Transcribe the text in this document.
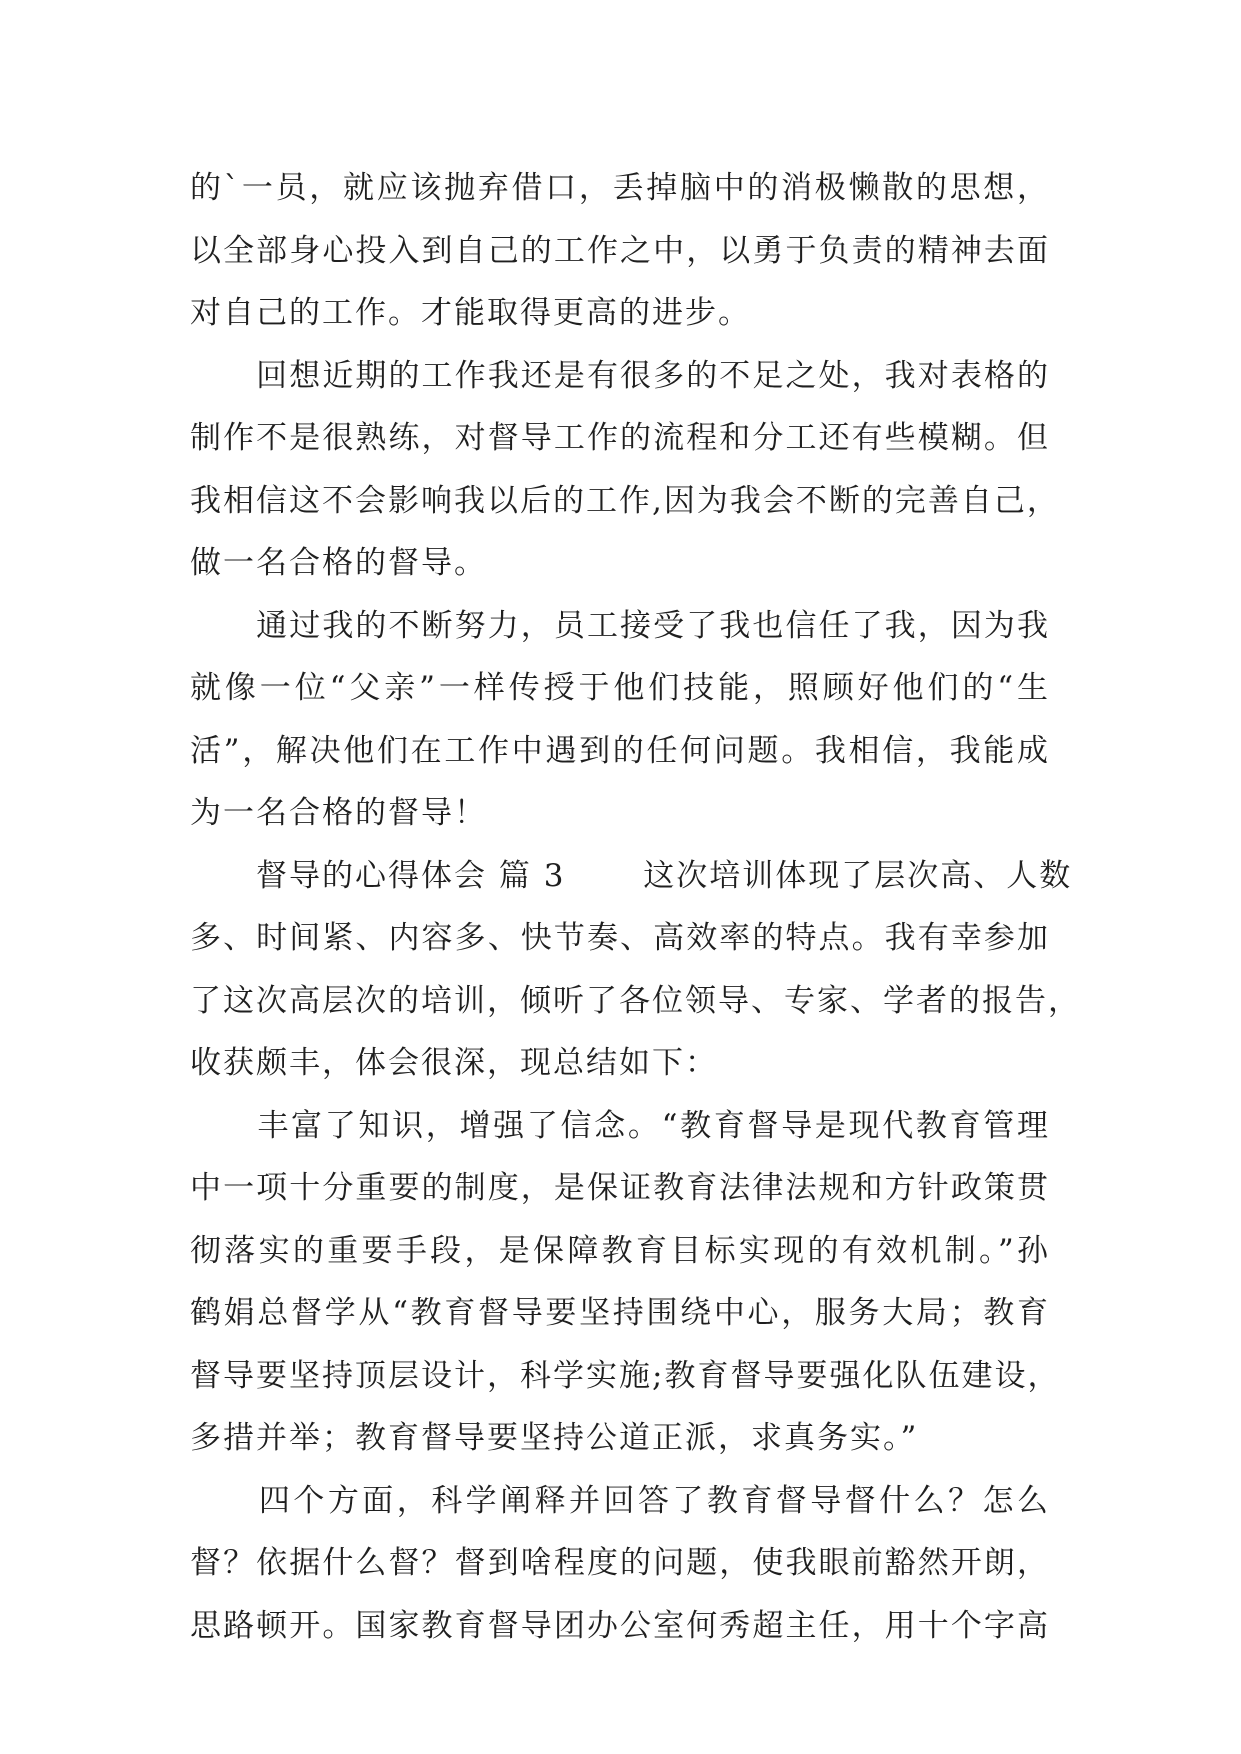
的`一员，就应该抛弃借口，丢掉脑中的消极懒散的思想，
以全部身心投入到自己的工作之中，以勇于负责的精神去面
对自己的工作。才能取得更高的进步。
　　回想近期的工作我还是有很多的不足之处，我对表格的
制作不是很熟练，对督导工作的流程和分工还有些模糊。但
我相信这不会影响我以后的工作,因为我会不断的完善自己，
做一名合格的督导。
　　通过我的不断努力，员工接受了我也信任了我，因为我
就像一位“父亲”一样传授于他们技能，照顾好他们的“生
活”，解决他们在工作中遇到的任何问题。我相信，我能成
为一名合格的督导！
　　督导的心得体会 篇 3　　 这次培训体现了层次高、人数
多、时间紧、内容多、快节奏、高效率的特点。我有幸参加
了这次高层次的培训，倾听了各位领导、专家、学者的报告，
收获颇丰，体会很深，现总结如下：
　　丰富了知识，增强了信念。“教育督导是现代教育管理
中一项十分重要的制度，是保证教育法律法规和方针政策贯
彻落实的重要手段，是保障教育目标实现的有效机制。”孙
鹤娟总督学从“教育督导要坚持围绕中心，服务大局；教育
督导要坚持顶层设计，科学实施;教育督导要强化队伍建设，
多措并举；教育督导要坚持公道正派，求真务实。”
　　四个方面，科学阐释并回答了教育督导督什么？怎么
督？依据什么督？督到啥程度的问题，使我眼前豁然开朗，
思路顿开。国家教育督导团办公室何秀超主任，用十个字高
